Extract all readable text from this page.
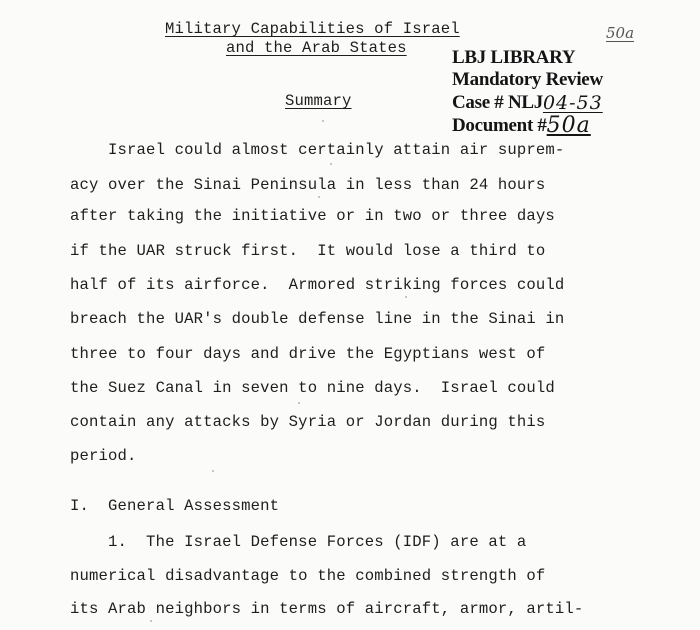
Military Capabilities of Israel
and the Arab States
50a
Summary
LBJ LIBRARY
Mandatory Review
Case # NLJ04-53
Document #50a
Israel could almost certainly attain air suprem-
acy over the Sinai Peninsula in less than 24 hours
after taking the initiative or in two or three days
if the UAR struck first.  It would lose a third to
half of its airforce.  Armored striking forces could
breach the UAR's double defense line in the Sinai in
three to four days and drive the Egyptians west of
the Suez Canal in seven to nine days.  Israel could
contain any attacks by Syria or Jordan during this
period.
I.  General Assessment
1.  The Israel Defense Forces (IDF) are at a
numerical disadvantage to the combined strength of
its Arab neighbors in terms of aircraft, armor, artil-
